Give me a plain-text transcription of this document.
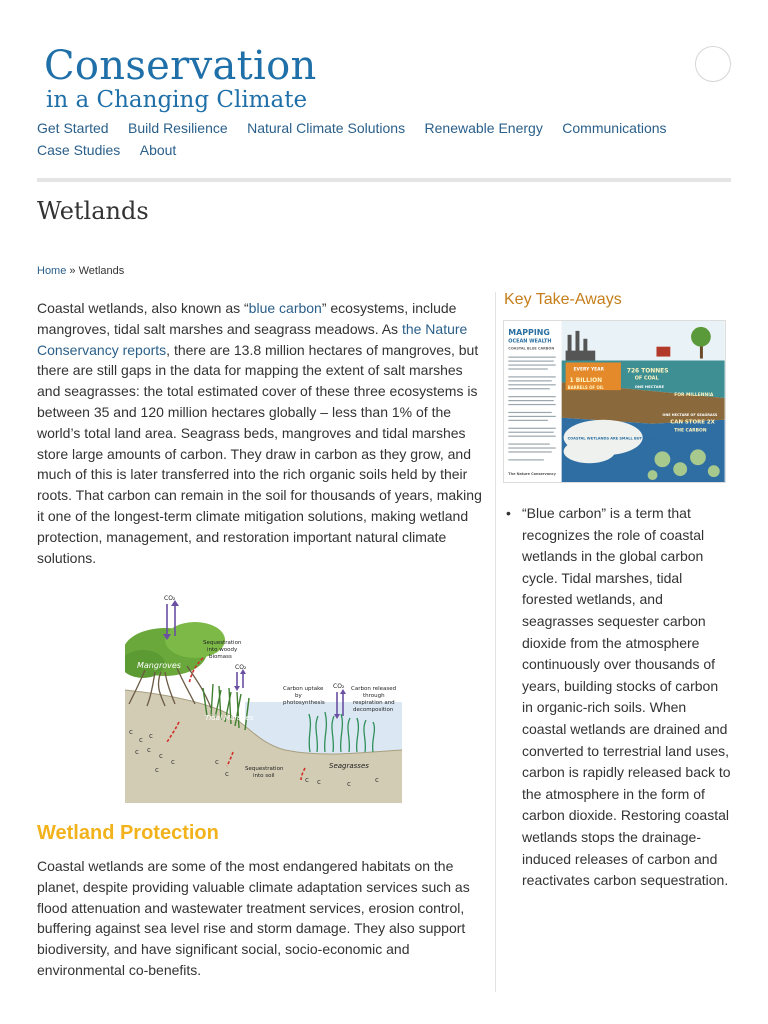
Conservation
in a Changing Climate
Get Started Build Resilience Natural Climate Solutions Renewable Energy Communications Case Studies About
Wetlands
Home » Wetlands

Coastal wetlands, also known as “blue carbon” ecosystems, include mangroves, tidal salt marshes and seagrass meadows. As the Nature Conservancy reports, there are 13.8 million hectares of mangroves, but there are still gaps in the data for mapping the extent of salt marshes and seagrasses: the total estimated cover of these three ecosystems is between 35 and 120 million hectares globally – less than 1% of the world’s total land area. Seagrass beds, mangroves and tidal marshes store large amounts of carbon. They draw in carbon as they grow, and much of this is later transferred into the rich organic soils held by their roots. That carbon can remain in the soil for thousands of years, making it one of the longest-term climate mitigation solutions, making wetland protection, management, and restoration important natural climate solutions.

c
c c
c c
c
c	c
c
c c	c	c
c
CO₂
CO₂
CO₂
Mangroves
Sequestration
into woody
biomass
Tidal Marshes
Carbon uptake
by
photosynthesis
Carbon released
through
respiration and
decomposition
Sequestration
into soil
Seagrasses
Wetland Protection

Coastal wetlands are some of the most endangered habitats on the planet, despite providing valuable climate adaptation services such as flood attenuation and wastewater treatment services, erosion control, buffering against sea level rise and storm damage. They also support biodiversity, and have significant social, socio-economic and environmental co-benefits.

Key Take-Aways
MAPPING
OCEAN WEALTH
COASTAL BLUE CARBON
EVERY YEAR
1 BILLION
BARRELS OF OIL
726 TONNES
OF COAL
ONE HECTARE
FOR MILLENNIA
ONE HECTARE OF SEAGRASS
CAN STORE 2X
THE CARBON
COASTAL WETLANDS ARE SMALL BUT MIGHTY!
The Nature Conservancy
• “Blue carbon” is a term that recognizes the role of coastal wetlands in the global carbon cycle. Tidal marshes, tidal forested wetlands, and seagrasses sequester carbon dioxide from the atmosphere continuously over thousands of years, building stocks of carbon in organic-rich soils. When coastal wetlands are drained and converted to terrestrial land uses, carbon is rapidly released back to the atmosphere in the form of carbon dioxide. Restoring coastal wetlands stops the drainage-induced releases of carbon and reactivates carbon sequestration.
